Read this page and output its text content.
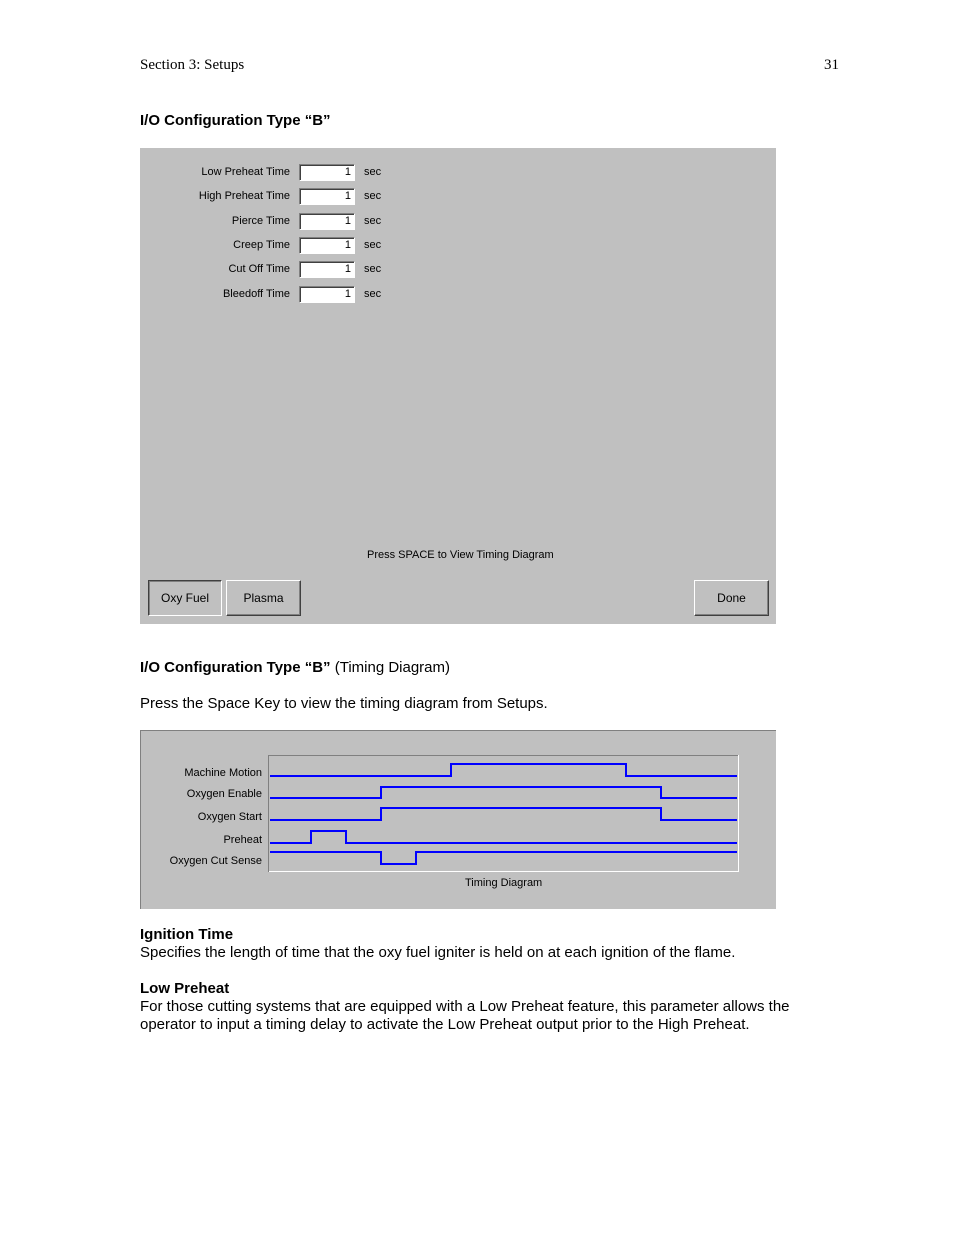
Section 3: Setups	31
I/O Configuration Type “B”
Low Preheat Time	1	sec
High Preheat Time	1	sec
Pierce Time	1	sec
Creep Time	1	sec
Cut Off Time	1	sec
Bleedoff Time	1	sec
Press SPACE to View Timing Diagram
Oxy Fuel	Plasma	Done
I/O Configuration Type “B” (Timing Diagram)
Press the Space Key to view the timing diagram from Setups.
Machine Motion
Oxygen Enable
Oxygen Start
Preheat
Oxygen Cut Sense
Timing Diagram
Ignition Time
Specifies the length of time that the oxy fuel igniter is held on at each ignition of the flame.
Low Preheat
For those cutting systems that are equipped with a Low Preheat feature, this parameter allows the
operator to input a timing delay to activate the Low Preheat output prior to the High Preheat.
